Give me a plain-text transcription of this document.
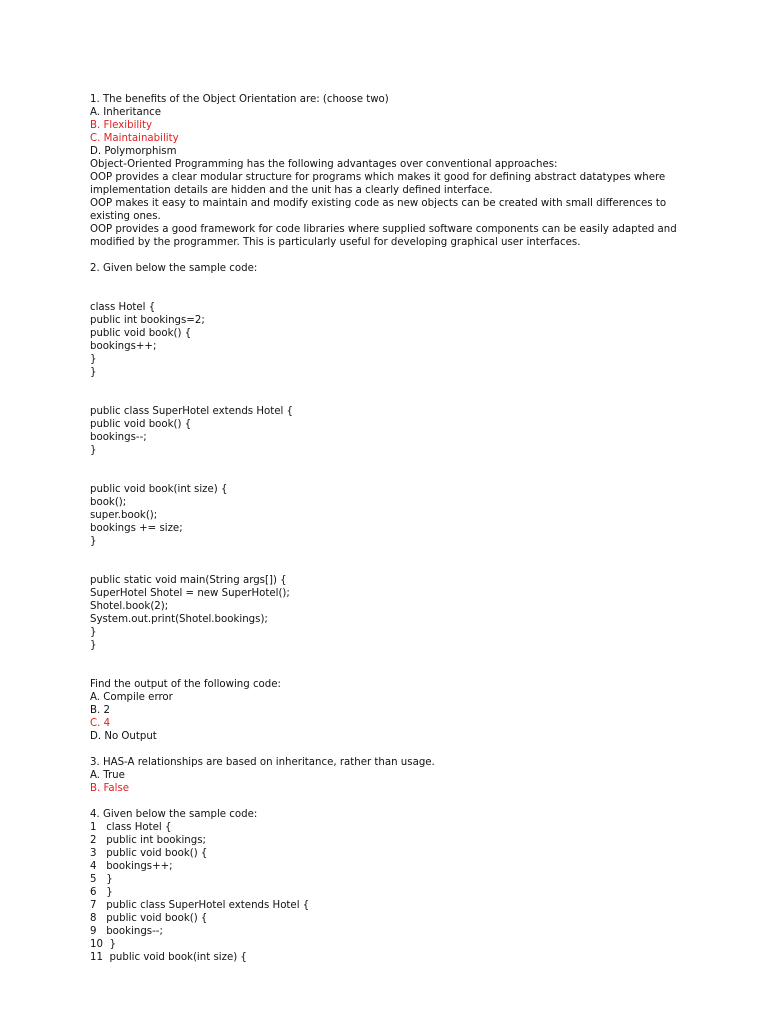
1. The benefits of the Object Orientation are: (choose two)
A. Inheritance
B. Flexibility
C. Maintainability
D. Polymorphism
Object-Oriented Programming has the following advantages over conventional approaches:
OOP provides a clear modular structure for programs which makes it good for defining abstract datatypes where
implementation details are hidden and the unit has a clearly defined interface.
OOP makes it easy to maintain and modify existing code as new objects can be created with small differences to
existing ones.
OOP provides a good framework for code libraries where supplied software components can be easily adapted and
modified by the programmer. This is particularly useful for developing graphical user interfaces.
2. Given below the sample code:
class Hotel {
public int bookings=2;
public void book() {
bookings++;
}
}
public class SuperHotel extends Hotel {
public void book() {
bookings--;
}
public void book(int size) {
book();
super.book();
bookings += size;
}
public static void main(String args[]) {
SuperHotel Shotel = new SuperHotel();
Shotel.book(2);
System.out.print(Shotel.bookings);
}
}
Find the output of the following code:
A. Compile error
B. 2
C. 4
D. No Output
3. HAS-A relationships are based on inheritance, rather than usage.
A. True
B. False
4. Given below the sample code:
1   class Hotel {
2   public int bookings;
3   public void book() {
4   bookings++;
5   }
6   }
7   public class SuperHotel extends Hotel {
8   public void book() {
9   bookings--;
10  }
11  public void book(int size) {
